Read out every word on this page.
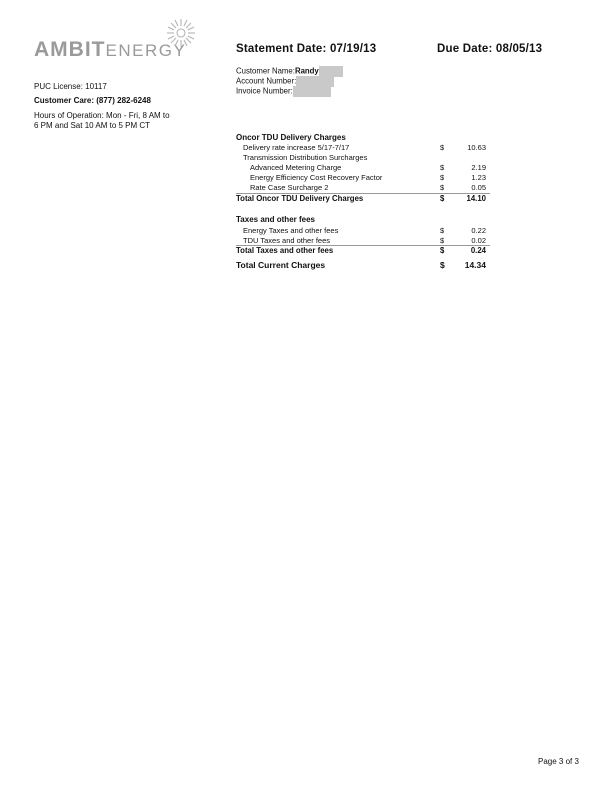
AMBITENERGY
PUC License: 10117
Customer Care: (877) 282-6248
Hours of Operation: Mon - Fri, 8 AM to
6 PM and Sat 10 AM to 5 PM CT
Statement Date: 07/19/13	Due Date: 08/05/13
Customer Name:Randy
Account Number:
Invoice Number:
Oncor TDU Delivery Charges
Delivery rate increase 5/17-7/17	$	10.63
Transmission Distribution Surcharges
Advanced Metering Charge	$	2.19
Energy Efficiency Cost Recovery Factor	$	1.23
Rate Case Surcharge 2	$	0.05
Total Oncor TDU Delivery Charges	$	14.10
Taxes and other fees
Energy Taxes and other fees	$	0.22
TDU Taxes and other fees	$	0.02
Total Taxes and other fees	$	0.24
Total Current Charges	$ 14.34
Page 3 of 3
